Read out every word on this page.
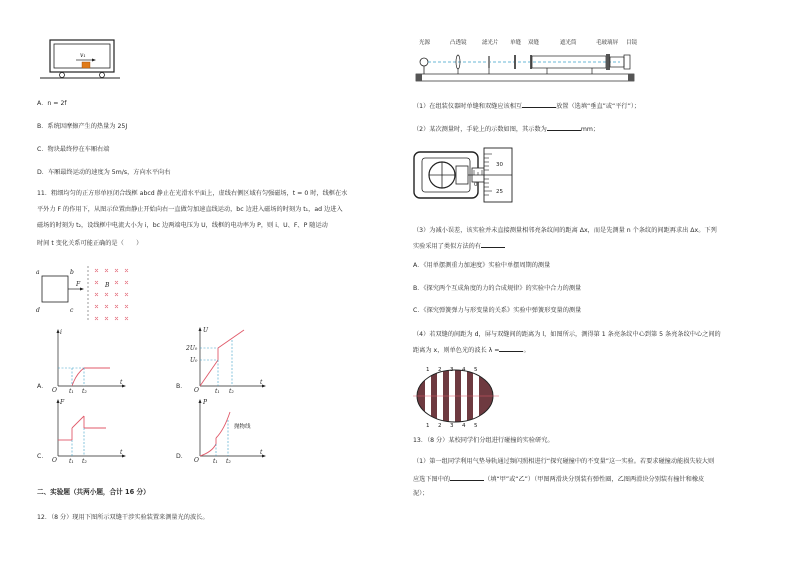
v₁
A．n = 2f
B．系统因摩擦产生的热量为 25J
C．物块最终停在车厢右端
D．车厢最终运动的速度为 5m/s，方向水平向右
11．粗细均匀的正方形单匝闭合线框 abcd 静止在光滑水平面上，虚线右侧区域有匀强磁场，t = 0 时，线框在水
平外力 F 的作用下，从图示位置由静止开始向右一直做匀加速直线运动，bc 边进入磁场的时刻为 t₁，ad 边进入
磁场的时刻为 t₂，设线框中电流大小为 i，bc 边两端电压为 U，线框的电功率为 P，则 i、U、F、P 随运动
时间 t 变化关系可能正确的是（　　）
a	b
c
d
F	B
A．
i
t
O t₁ t₂
B．
U
t
2U₀
U₀
O	t₁ t₂
C．
F
t
O t₁ t₂
D．
P
t
抛物线
O t₁ t₂
二、实验题（共两小题，合计 16 分）
12．（8 分）现用下图所示双缝干涉实验装置来测量光的波长。
光源	凸透镜	滤光片 单缝 双缝	遮光筒	毛玻璃屏 目镜
（1）在组装仪器时单缝和双缝应该相互	放置（选填“垂直”或“平行”）；
（2）某次测量时，手轮上的示数如图，其示数为	mm；
30
0
25
（3）为减小误差，该实验并未直接测量相邻亮条纹间的距离 Δx，而是先测量 n 个条纹的间距再求出 Δx。下列
实验采用了类似方法的有
A．《用单摆测重力加速度》实验中单摆周期的测量
B．《探究两个互成角度的力的合成规律》的实验中合力的测量
C．《探究弹簧弹力与形变量的关系》实验中弹簧形变量的测量
（4）若双缝的间距为 d，屏与双缝间的距离为 l，如图所示，测得第 1 条亮条纹中心到第 5 条亮条纹中心之间的
距离为 x，则单色光的波长 λ =	。
1 2 3 4 5
1 2 3 4 5
13．（8 分）某校同学们分组进行碰撞的实验研究。
（1）第一组同学利用气垫导轨通过频闪照相进行“探究碰撞中的不变量”这一实验。若要求碰撞动能损失较大则
应选下图中的	（填“甲”或“乙”）（甲图两滑块分别装有弹性圈，乙图两滑块分别装有撞针和橡皮
泥）；
